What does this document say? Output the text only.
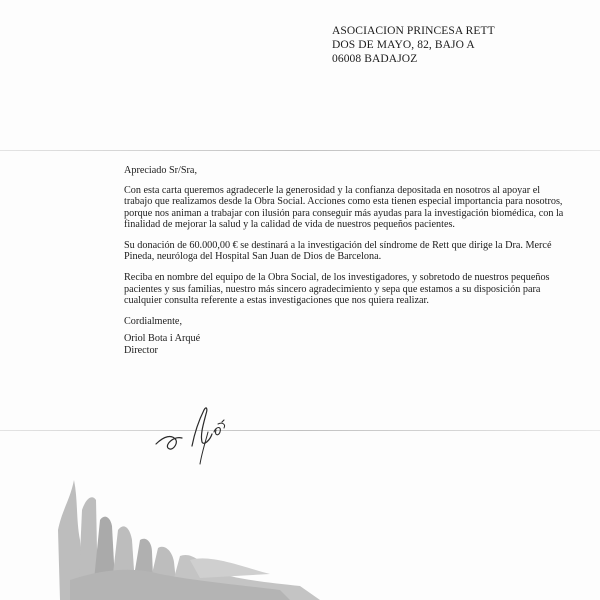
ASOCIACION PRINCESA RETT
DOS DE MAYO, 82, BAJO A
06008 BADAJOZ

Apreciado Sr/Sra,

Con esta carta queremos agradecerle la generosidad y la confianza depositada en nosotros al apoyar el trabajo que realizamos desde la Obra Social. Acciones como esta tienen especial importancia para nosotros, porque nos animan a trabajar con ilusión para conseguir más ayudas para la investigación biomédica, con la finalidad de mejorar la salud y la calidad de vida de nuestros pequeños pacientes.

Su donación de 60.000,00 € se destinará a la investigación del síndrome de Rett que dirige la Dra. Mercé Pineda, neuróloga del Hospital San Juan de Dios de Barcelona.

Reciba en nombre del equipo de la Obra Social, de los investigadores, y sobretodo de nuestros pequeños pacientes y sus familias, nuestro más sincero agradecimiento y sepa que estamos a su disposición para cualquier consulta referente a estas investigaciones que nos quiera realizar.

Cordialmente,

Oriol Bota i Arqué
Director
